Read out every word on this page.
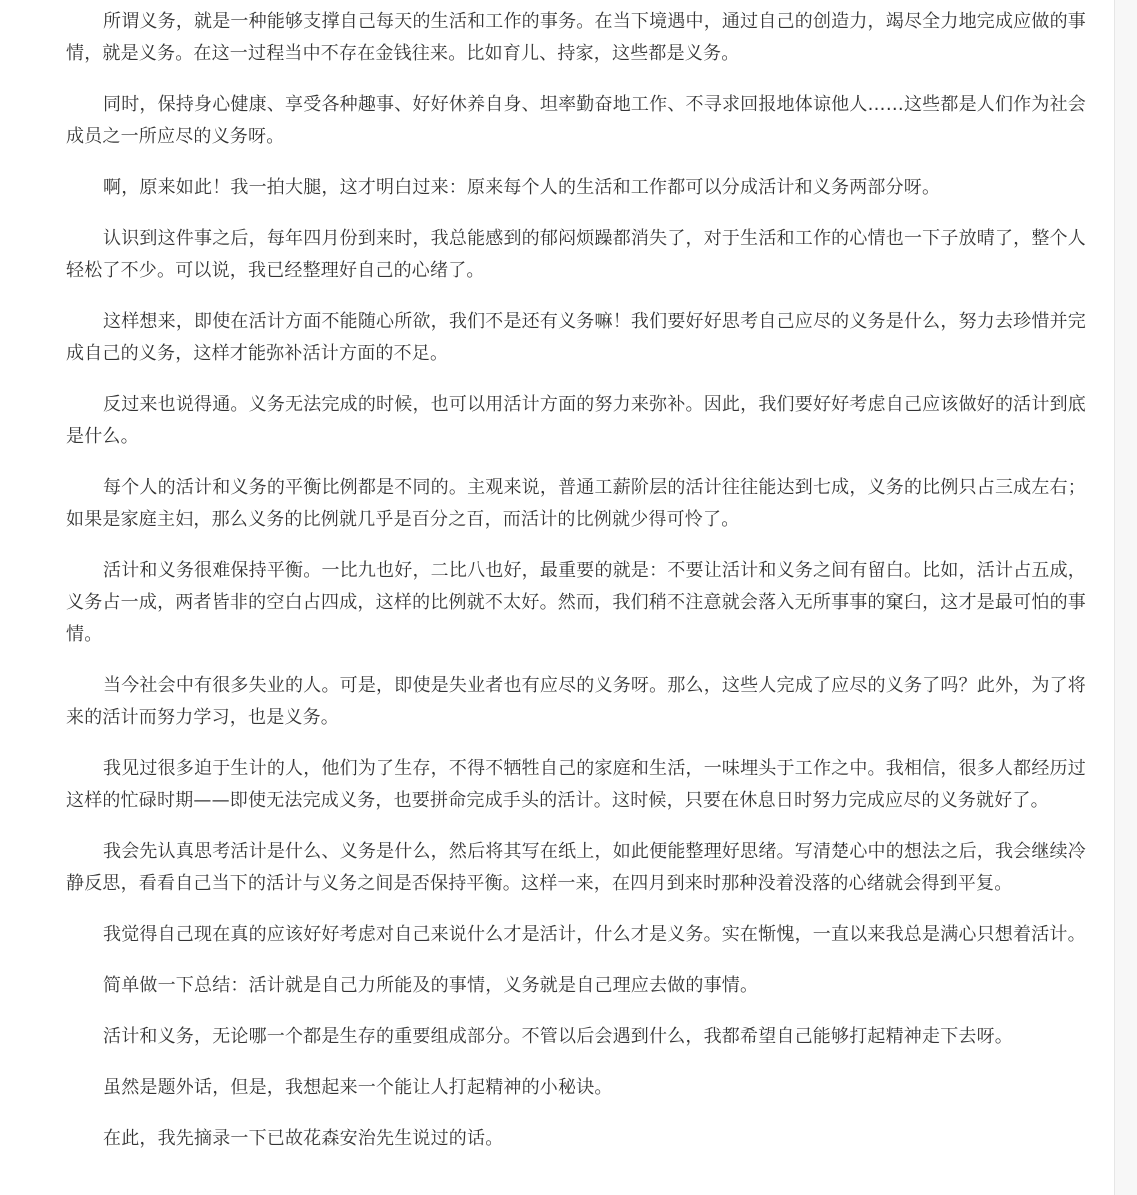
所谓义务，就是一种能够支撑自己每天的生活和工作的事务。在当下境遇中，通过自己的创造力，竭尽全力地完成应做的事情，就是义务。在这一过程当中不存在金钱往来。比如育儿、持家，这些都是义务。

同时，保持身心健康、享受各种趣事、好好休养自身、坦率勤奋地工作、不寻求回报地体谅他人……这些都是人们作为社会成员之一所应尽的义务呀。

啊，原来如此！我一拍大腿，这才明白过来：原来每个人的生活和工作都可以分成活计和义务两部分呀。

认识到这件事之后，每年四月份到来时，我总能感到的郁闷烦躁都消失了，对于生活和工作的心情也一下子放晴了，整个人轻松了不少。可以说，我已经整理好自己的心绪了。

这样想来，即使在活计方面不能随心所欲，我们不是还有义务嘛！我们要好好思考自己应尽的义务是什么，努力去珍惜并完成自己的义务，这样才能弥补活计方面的不足。

反过来也说得通。义务无法完成的时候，也可以用活计方面的努力来弥补。因此，我们要好好考虑自己应该做好的活计到底是什么。

每个人的活计和义务的平衡比例都是不同的。主观来说，普通工薪阶层的活计往往能达到七成，义务的比例只占三成左右；如果是家庭主妇，那么义务的比例就几乎是百分之百，而活计的比例就少得可怜了。

活计和义务很难保持平衡。一比九也好，二比八也好，最重要的就是：不要让活计和义务之间有留白。比如，活计占五成，义务占一成，两者皆非的空白占四成，这样的比例就不太好。然而，我们稍不注意就会落入无所事事的窠臼，这才是最可怕的事情。

当今社会中有很多失业的人。可是，即使是失业者也有应尽的义务呀。那么，这些人完成了应尽的义务了吗？此外，为了将来的活计而努力学习，也是义务。

我见过很多迫于生计的人，他们为了生存，不得不牺牲自己的家庭和生活，一味埋头于工作之中。我相信，很多人都经历过这样的忙碌时期——即使无法完成义务，也要拼命完成手头的活计。这时候，只要在休息日时努力完成应尽的义务就好了。

我会先认真思考活计是什么、义务是什么，然后将其写在纸上，如此便能整理好思绪。写清楚心中的想法之后，我会继续冷静反思，看看自己当下的活计与义务之间是否保持平衡。这样一来，在四月到来时那种没着没落的心绪就会得到平复。

我觉得自己现在真的应该好好考虑对自己来说什么才是活计，什么才是义务。实在惭愧，一直以来我总是满心只想着活计。

简单做一下总结：活计就是自己力所能及的事情，义务就是自己理应去做的事情。

活计和义务，无论哪一个都是生存的重要组成部分。不管以后会遇到什么，我都希望自己能够打起精神走下去呀。

虽然是题外话，但是，我想起来一个能让人打起精神的小秘诀。

在此，我先摘录一下已故花森安治先生说过的话。
